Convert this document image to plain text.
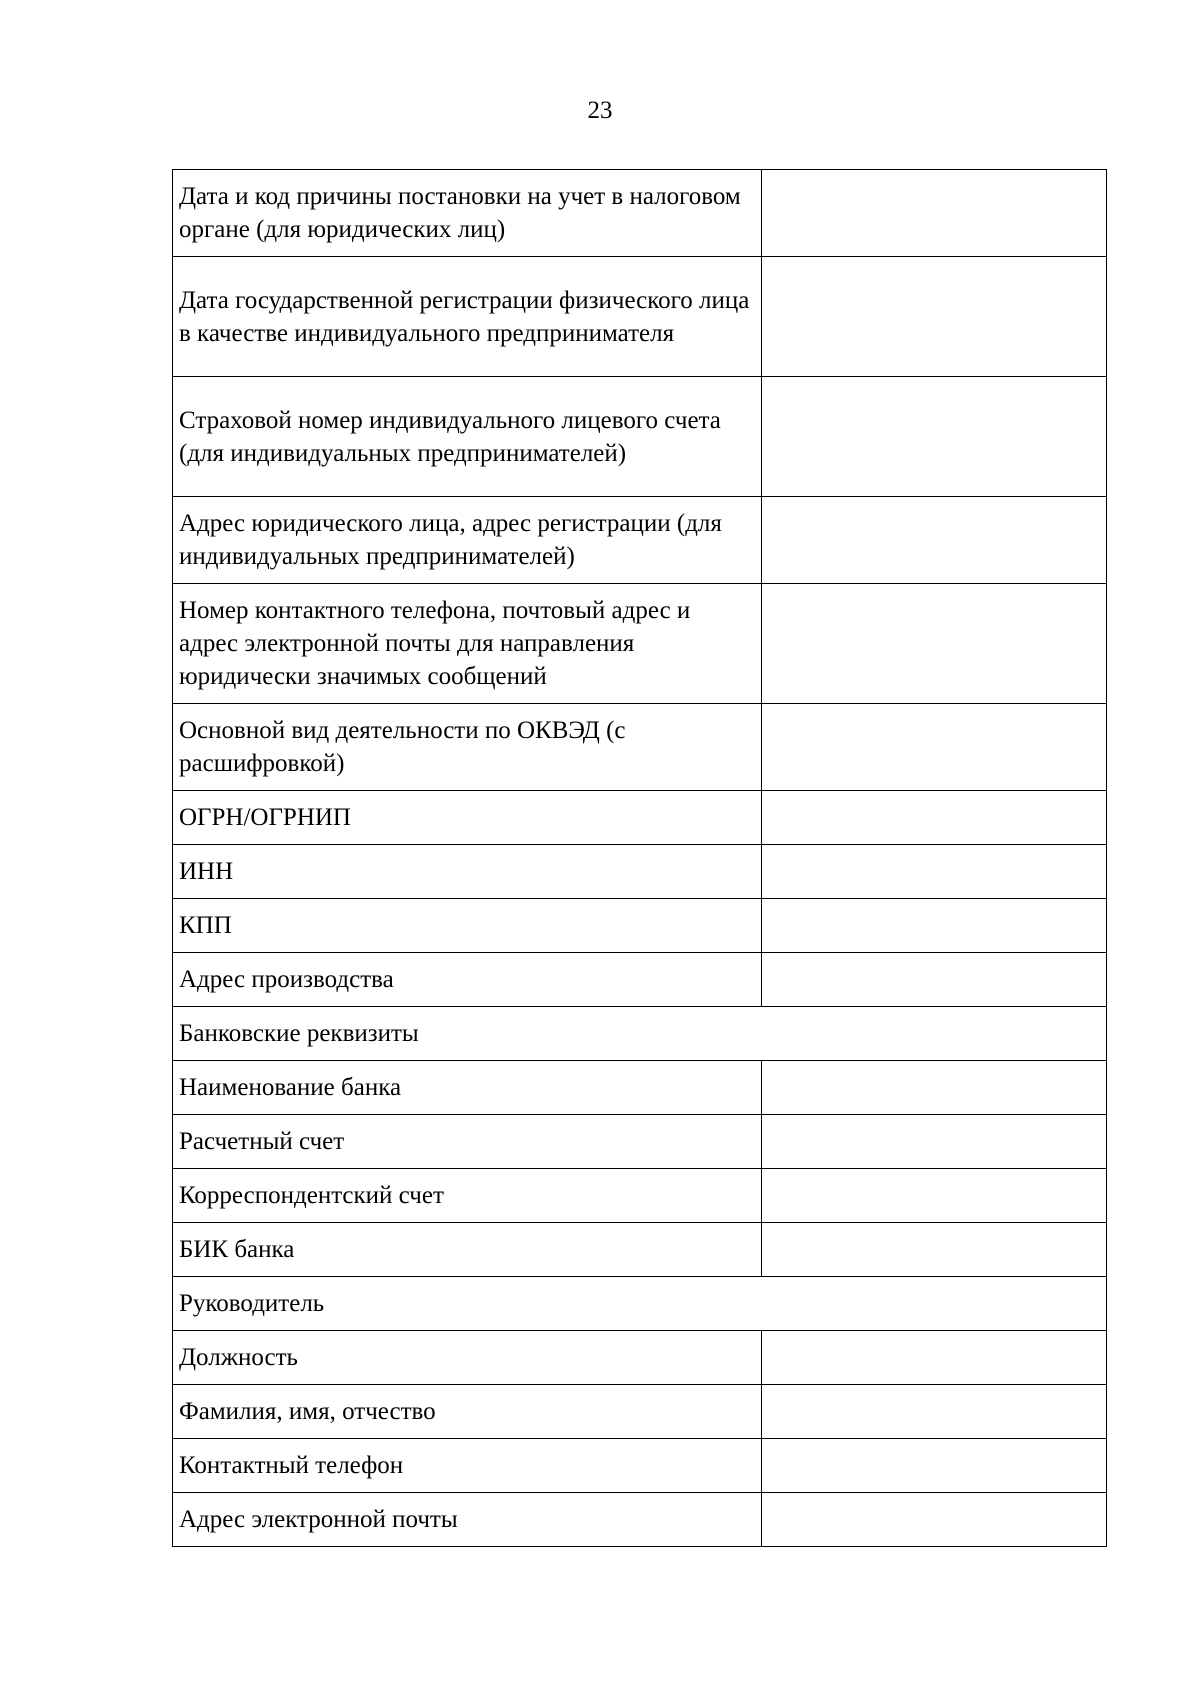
23
Дата и код причины постановки на учет в налоговом органе (для юридических лиц)	
Дата государственной регистрации физического лица в качестве индивидуального предпринимателя	
Страховой номер индивидуального лицевого счета (для индивидуальных предпринимателей)	
Адрес юридического лица, адрес регистрации (для индивидуальных предпринимателей)	
Номер контактного телефона, почтовый адрес и адрес электронной почты для направления юридически значимых сообщений	
Основной вид деятельности по ОКВЭД (с расшифровкой)	
ОГРН/ОГРНИП	
ИНН	
КПП	
Адрес производства	
Банковские реквизиты	
Наименование банка	
Расчетный счет	
Корреспондентский счет	
БИК банка	
Руководитель	
Должность	
Фамилия, имя, отчество	
Контактный телефон	
Адрес электронной почты	
